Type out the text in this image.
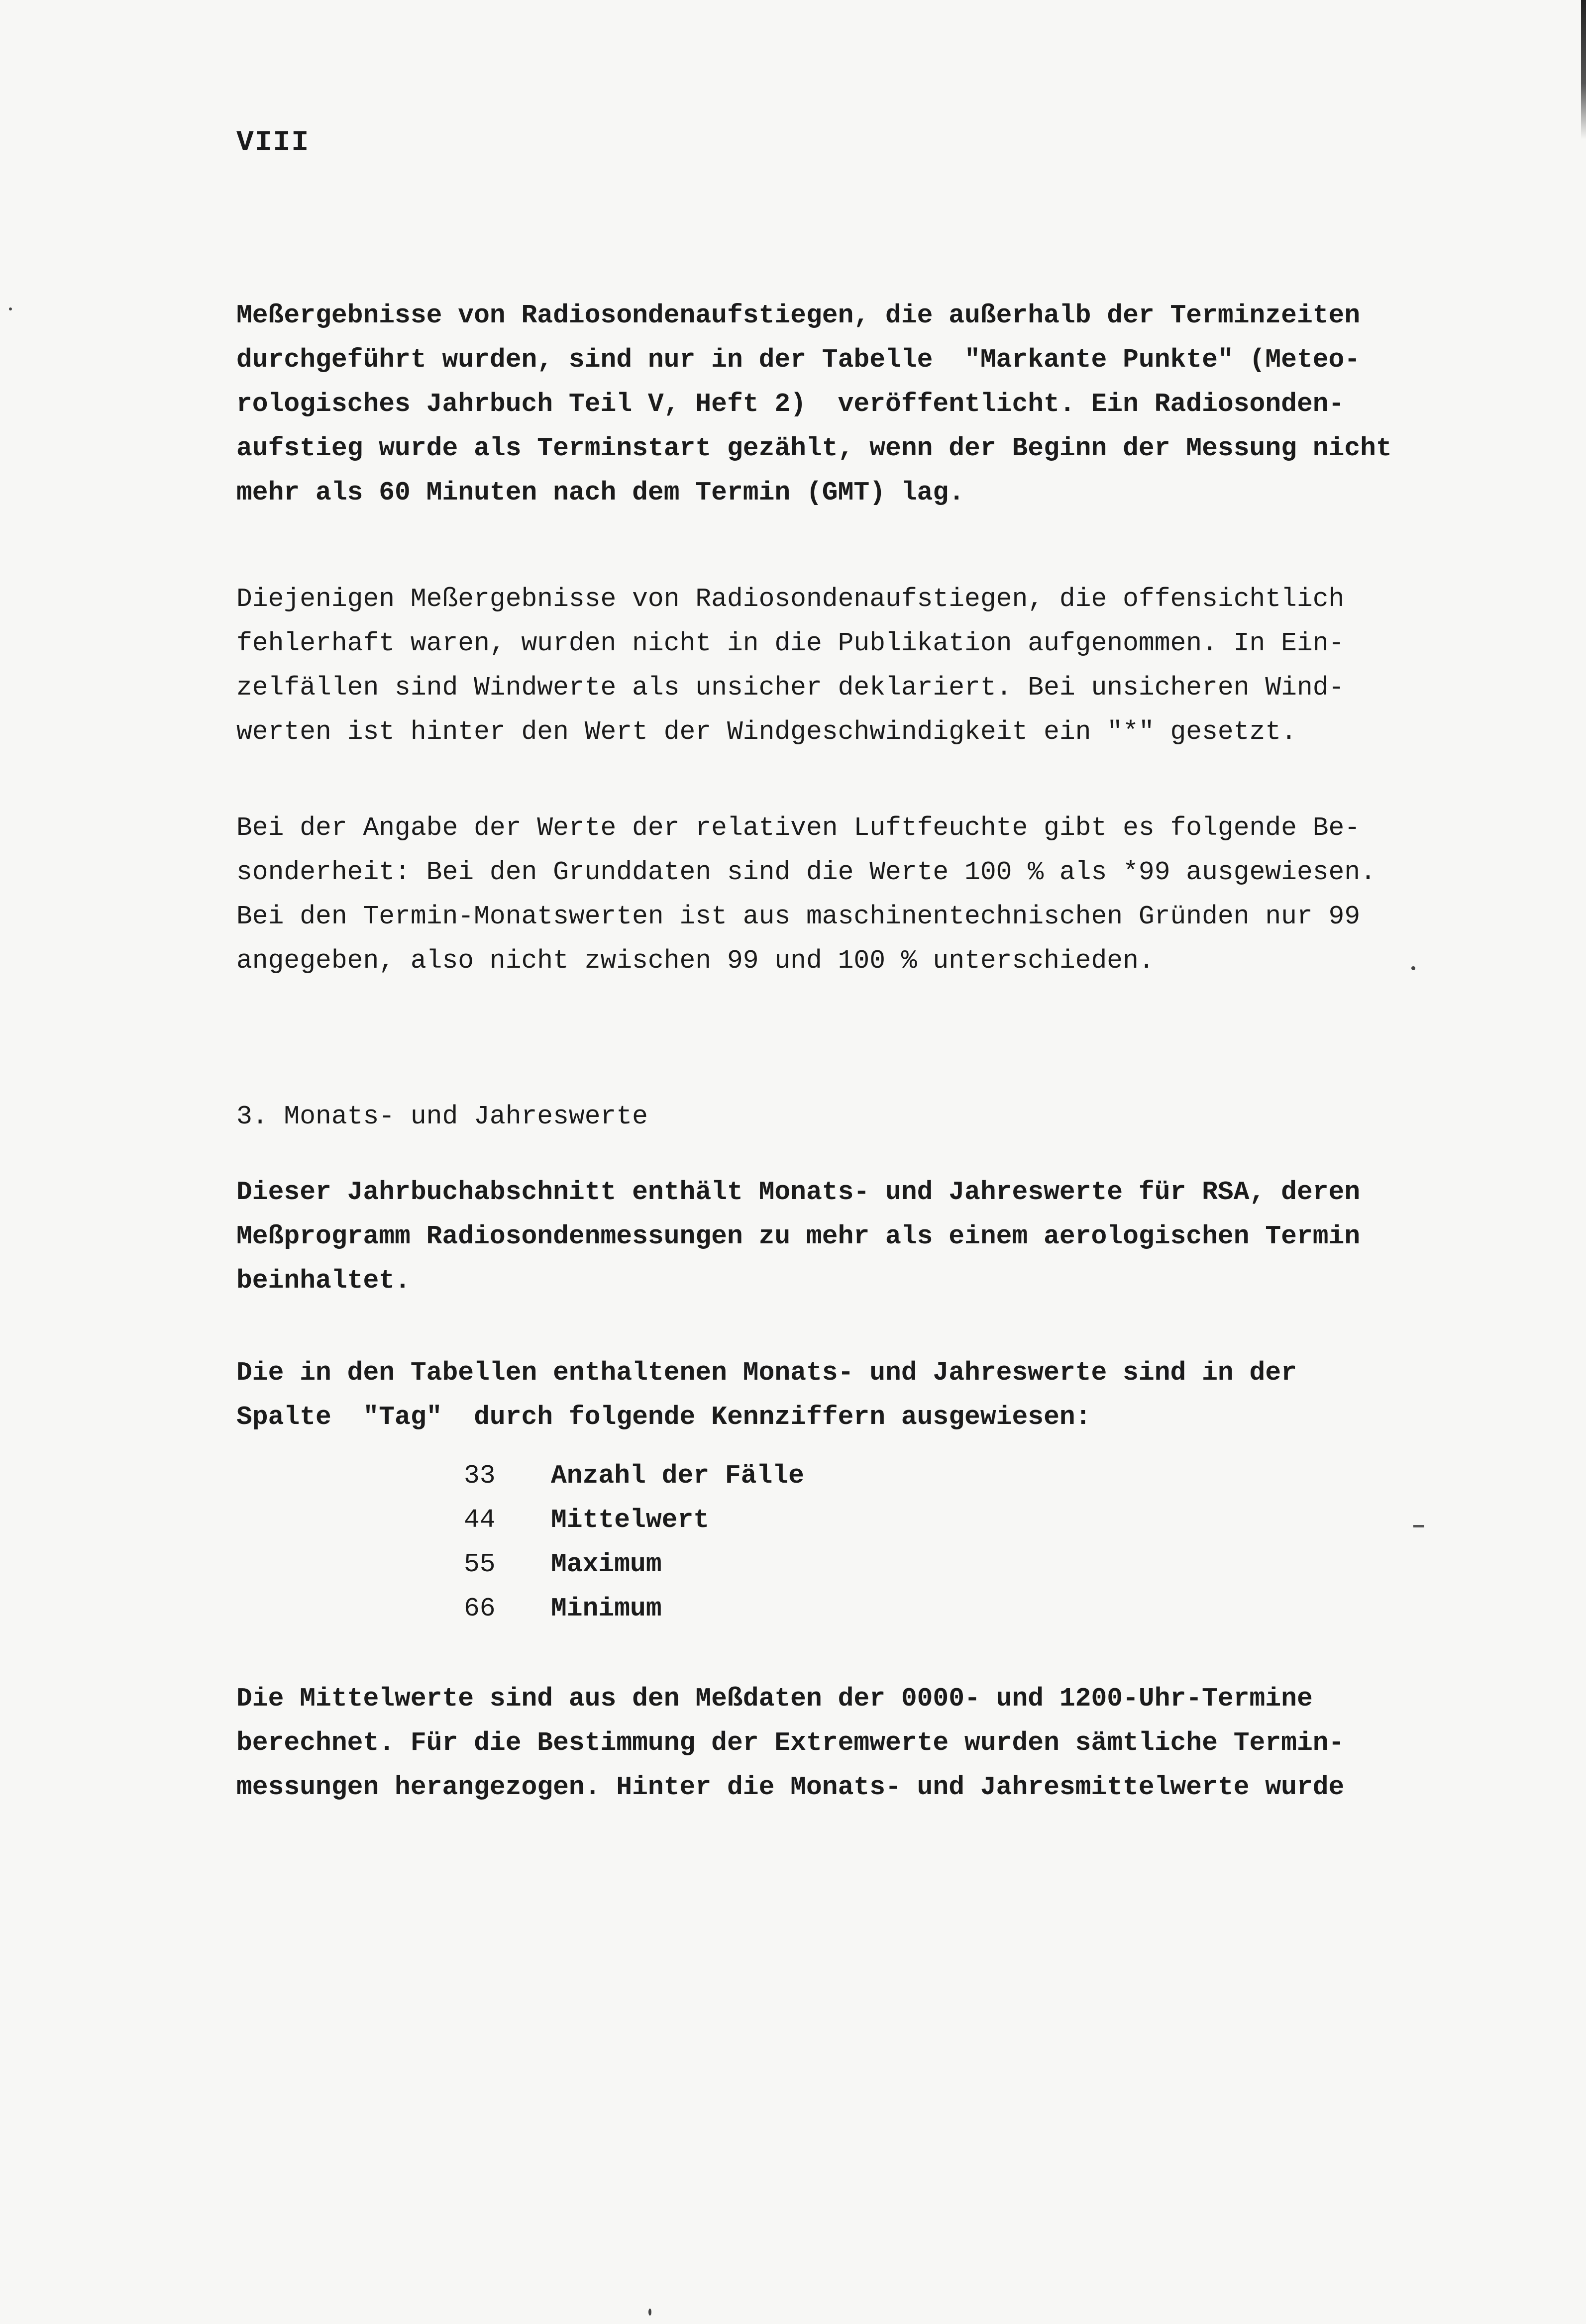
VIII
Meßergebnisse von Radiosondenaufstiegen, die außerhalb der Terminzeiten
durchgeführt wurden, sind nur in der Tabelle  "Markante Punkte" (Meteo-
rologisches Jahrbuch Teil V, Heft 2)  veröffentlicht. Ein Radiosonden-
aufstieg wurde als Terminstart gezählt, wenn der Beginn der Messung nicht
mehr als 60 Minuten nach dem Termin (GMT) lag.
Diejenigen Meßergebnisse von Radiosondenaufstiegen, die offensichtlich
fehlerhaft waren, wurden nicht in die Publikation aufgenommen. In Ein-
zelfällen sind Windwerte als unsicher deklariert. Bei unsicheren Wind-
werten ist hinter den Wert der Windgeschwindigkeit ein "*" gesetzt.
Bei der Angabe der Werte der relativen Luftfeuchte gibt es folgende Be-
sonderheit: Bei den Grunddaten sind die Werte 100 % als *99 ausgewiesen.
Bei den Termin-Monatswerten ist aus maschinentechnischen Gründen nur 99
angegeben, also nicht zwischen 99 und 100 % unterschieden.
3. Monats- und Jahreswerte
Dieser Jahrbuchabschnitt enthält Monats- und Jahreswerte für RSA, deren
Meßprogramm Radiosondenmessungen zu mehr als einem aerologischen Termin
beinhaltet.
Die in den Tabellen enthaltenen Monats- und Jahreswerte sind in der
Spalte  "Tag"  durch folgende Kennziffern ausgewiesen:
33	Anzahl der Fälle
44	Mittelwert
55	Maximum
66	Minimum
Die Mittelwerte sind aus den Meßdaten der 0000- und 1200-Uhr-Termine
berechnet. Für die Bestimmung der Extremwerte wurden sämtliche Termin-
messungen herangezogen. Hinter die Monats- und Jahresmittelwerte wurde
